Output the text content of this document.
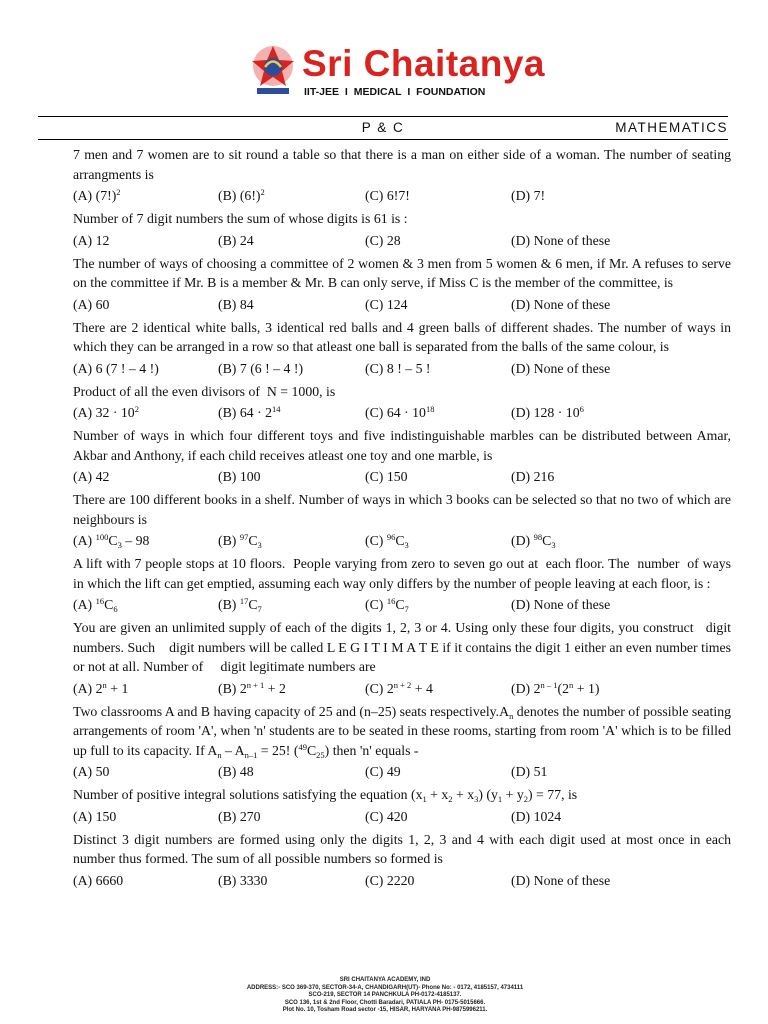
Sri Chaitanya
IIT-JEE I MEDICAL I FOUNDATION
P & C	MATHEMATICS

7 men and 7 women are to sit round a table so that there is a man on either side of a woman. The number of seating arrangments is

(A) $(7!)^2$	(B) $(6!)^2$	(C) 6!7!	(D) 7!

Number of 7 digit numbers the sum of whose digits is 61 is :

(A) 12	(B) 24	(C) 28	(D) None of these

The number of ways of choosing a committee of 2 women & 3 men from 5 women & 6 men, if Mr. A refuses to serve on the committee if Mr. B is a member & Mr. B can only serve, if Miss C is the member of the committee, is

(A) 60	(B) 84	(C) 124	(D) None of these

There are 2 identical white balls, 3 identical red balls and 4 green balls of different shades. The number of ways in which they can be arranged in a row so that atleast one ball is separated from the balls of the same colour, is

(A) 6 (7 ! – 4 !)	(B) 7 (6 ! – 4 !)	(C) 8 ! – 5 !	(D) None of these

Product of all the even divisors of  N = 1000, is

(A) $32 \cdot 10^2$	(B) $64 \cdot 2^{14}$	(C) $64 \cdot 10^{18}$	(D) $128 \cdot 10^6$

Number of ways in which four different toys and five indistinguishable marbles can be distributed between Amar, Akbar and Anthony, if each child receives atleast one toy and one marble, is

(A) 42	(B) 100	(C) 150	(D) 216

There are 100 different books in a shelf. Number of ways in which 3 books can be selected so that no two of which are neighbours is

(A) $^{100}C_3 - 98$	(B) $^{97}C_3$	(C) $^{96}C_3$	(D) $^{98}C_3$

A lift with 7 people stops at 10 floors.  People varying from zero to seven go out at  each floor. The  number  of ways in which the lift can get emptied, assuming each way only differs by the number of people leaving at each floor, is :

(A) $^{16}C_6$	(B) $^{17}C_7$	(C) $^{16}C_7$	(D) None of these

You are given an unlimited supply of each of the digits 1, 2, 3 or 4. Using only these four digits, you construct   digit numbers. Such    digit numbers will be called L E G I T I M A T E if it contains the digit 1 either an even number times or not at all. Number of     digit legitimate numbers are

(A) $2^n + 1$	(B) $2^{n + 1} + 2$	(C) $2^{n + 2} + 4$	(D) $2^{n - 1}(2^n + 1)$

Two classrooms A and B having capacity of 25 and (n–25) seats $respectively.A_n$ denotes the number of possible seating arrangements of room 'A', when 'n' students are to be seated in these rooms, starting from room 'A' which is to be filled up full to its capacity. If $A_n - A_{n-1} = 25$! $(^{49}C_{25})$ then 'n' equals -

(A) 50	(B) 48	(C) 49	(D) 51

Number of positive integral solutions satisfying the equation $(x_1 + x_2 + x_3) (y_1 + y_2) = 77$, is

(A) 150	(B) 270	(C) 420	(D) 1024

Distinct 3 digit numbers are formed using only the digits 1, 2, 3 and 4 with each digit used at most once in each number thus formed. The sum of all possible numbers so formed is

(A) 6660	(B) 3330	(C) 2220	(D) None of these
SRI CHAITANYA ACADEMY, IND
ADDRESS:- SCO 369-370, SECTOR-34-A, CHANDIGARH(UT)- Phone No: - 0172, 4185157, 4734111
SCO-219, SECTOR 14 PANCHKULA PH-0172-4185137.
SCO 136, 1st & 2nd Floor, Chotti Baradari, PATIALA PH- 0175-5015666.
Plot No. 10, Tosham Road sector -15, HISAR, HARYANA PH-9875996211.
